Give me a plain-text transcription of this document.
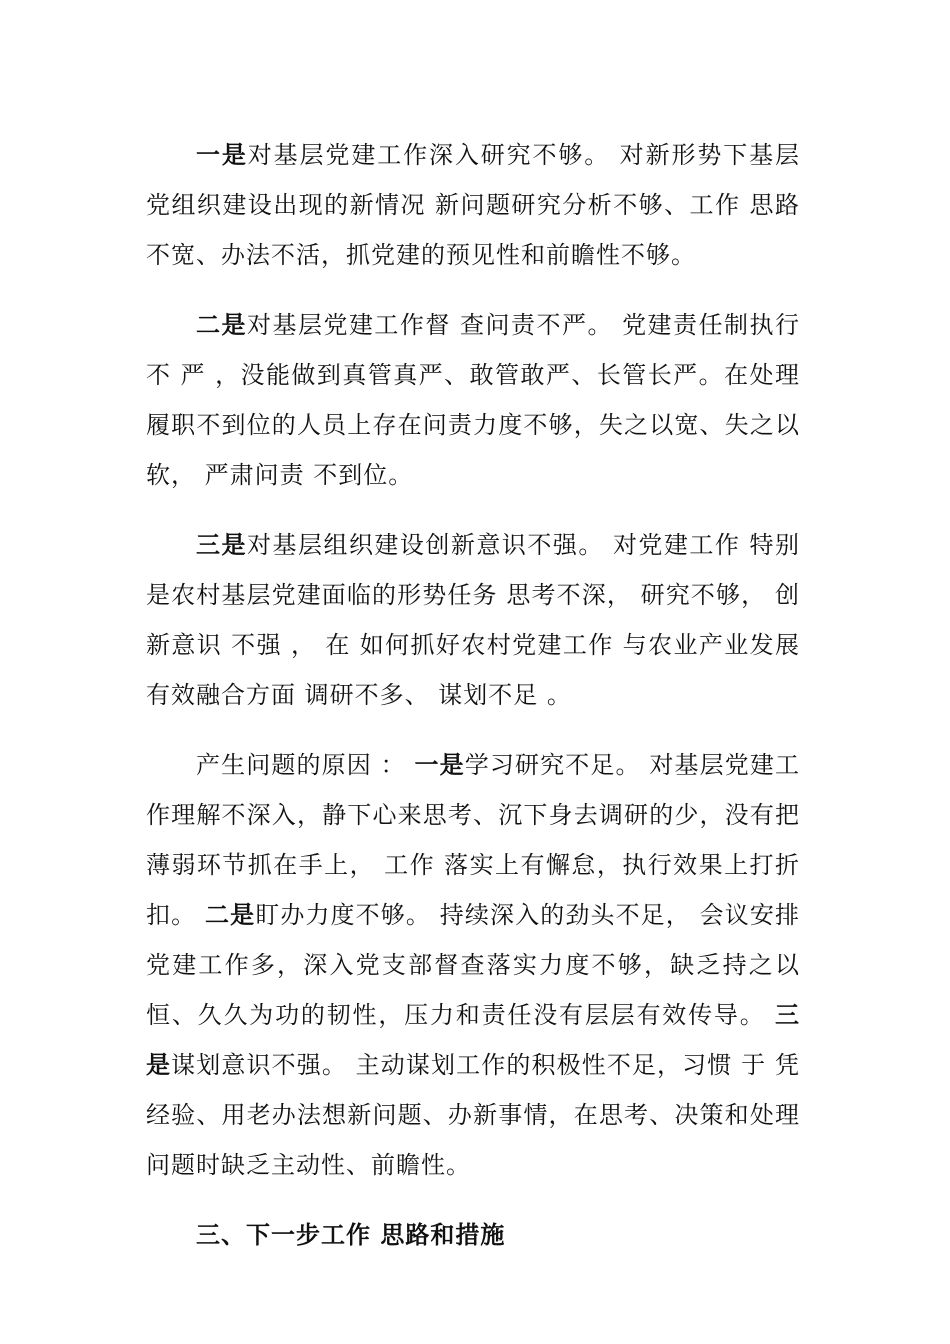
一是对基层党建工作深入研究不够。 对新形势下基层党组织建设出现的新情况 新问题研究分析不够、工作 思路不宽、办法不活，抓党建的预见性和前瞻性不够。

二是对基层党建工作督 查问责不严。 党建责任制执行不 严 ，没能做到真管真严、敢管敢严、长管长严。在处理履职不到位的人员上存在问责力度不够，失之以宽、失之以软， 严肃问责 不到位。

三是对基层组织建设创新意识不强。 对党建工作 特别是农村基层党建面临的形势任务 思考不深， 研究不够， 创新意识 不强 ， 在 如何抓好农村党建工作 与农业产业发展有效融合方面 调研不多、 谋划不足 。

产生问题的原因 ： 一是学习研究不足。 对基层党建工作理解不深入，静下心来思考、沉下身去调研的少，没有把薄弱环节抓在手上， 工作 落实上有懈怠，执行效果上打折扣。 二是盯办力度不够。 持续深入的劲头不足， 会议安排党建工作多，深入党支部督查落实力度不够，缺乏持之以恒、久久为功的韧性，压力和责任没有层层有效传导。 三是谋划意识不强。 主动谋划工作的积极性不足，习惯 于 凭经验、用老办法想新问题、办新事情，在思考、决策和处理问题时缺乏主动性、前瞻性。

三、下一步工作 思路和措施
